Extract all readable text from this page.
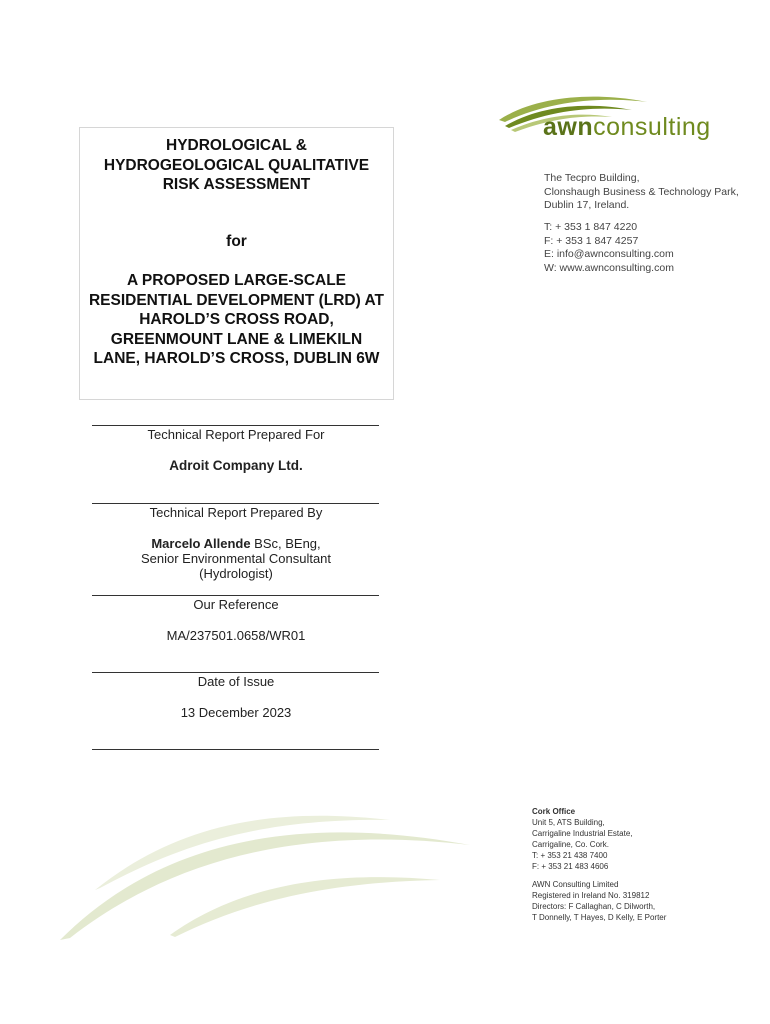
awnconsulting
The Tecpro Building,
Clonshaugh Business & Technology Park,
Dublin 17, Ireland.
T: + 353 1 847 4220
F: + 353 1 847 4257
E: info@awnconsulting.com
W: www.awnconsulting.com
HYDROLOGICAL & HYDROGEOLOGICAL QUALITATIVE RISK ASSESSMENT
for
A PROPOSED LARGE-SCALE RESIDENTIAL DEVELOPMENT (LRD) AT HAROLD’S CROSS ROAD, GREENMOUNT LANE & LIMEKILN LANE, HAROLD’S CROSS, DUBLIN 6W
Technical Report Prepared For
Adroit Company Ltd.
Technical Report Prepared By
Marcelo Allende BSc, BEng,
Senior Environmental Consultant
(Hydrologist)
Our Reference
MA/237501.0658/WR01
Date of Issue
13 December 2023
Cork Office
Unit 5, ATS Building,
Carrigaline Industrial Estate,
Carrigaline, Co. Cork.
T: + 353 21 438 7400
F: + 353 21 483 4606
AWN Consulting Limited
Registered in Ireland No. 319812
Directors: F Callaghan, C Dilworth,
T Donnelly, T Hayes, D Kelly, E Porter
